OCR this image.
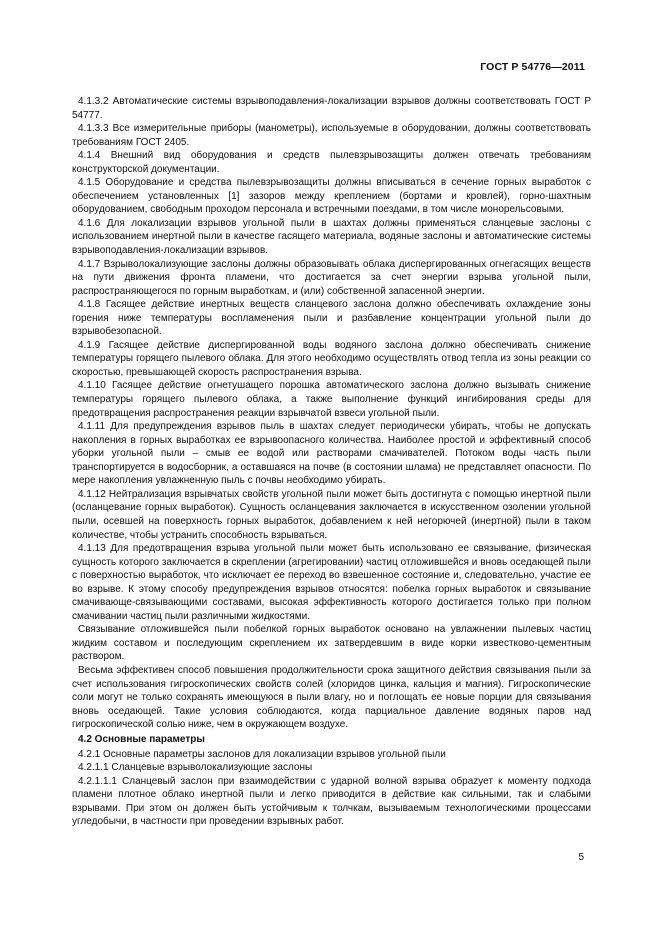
ГОСТ Р 54776—2011

4.1.3.2 Автоматические системы взрывоподавления-локализации взрывов должны соответствовать ГОСТ Р 54777.

4.1.3.3 Все измерительные приборы (манометры), используемые в оборудовании, должны соответствовать требованиям ГОСТ 2405.

4.1.4 Внешний вид оборудования и средств пылевзрывозащиты должен отвечать требованиям конструкторской документации.

4.1.5 Оборудование и средства пылевзрывозащиты должны вписываться в сечение горных выработок с обеспечением установленных [1] зазоров между креплением (бортами и кровлей), горно-шахтным оборудованием, свободным проходом персонала и встречными поездами, в том числе монорельсовыми.

4.1.6 Для локализации взрывов угольной пыли в шахтах должны применяться сланцевые заслоны с использованием инертной пыли в качестве гасящего материала, водяные заслоны и автоматические системы взрывоподавления-локализации взрывов.

4.1.7 Взрыволокализующие заслоны должны образовывать облака диспергированных огнегасящих веществ на пути движения фронта пламени, что достигается за счет энергии взрыва угольной пыли, распространяющегося по горным выработкам, и (или) собственной запасенной энергии.

4.1.8 Гасящее действие инертных веществ сланцевого заслона должно обеспечивать охлаждение зоны горения ниже температуры воспламенения пыли и разбавление концентрации угольной пыли до взрывобезопасной.

4.1.9 Гасящее действие диспергированной воды водяного заслона должно обеспечивать снижение температуры горящего пылевого облака. Для этого необходимо осуществлять отвод тепла из зоны реакции со скоростью, превышающей скорость распространения взрыва.

4.1.10 Гасящее действие огнетушащего порошка автоматического заслона должно вызывать снижение температуры горящего пылевого облака, а также выполнение функций ингибирования среды для предотвращения распространения реакции взрывчатой взвеси угольной пыли.

4.1.11 Для предупреждения взрывов пыль в шахтах следует периодически убирать, чтобы не допускать накопления в горных выработках ее взрывоопасного количества. Наиболее простой и эффективный способ уборки угольной пыли – смыв ее водой или растворами смачивателей. Потоком воды часть пыли транспортируется в водосборник, а оставшаяся на почве (в состоянии шлама) не представляет опасности. По мере накопления увлажненную пыль с почвы необходимо убирать.

4.1.12 Нейтрализация взрывчатых свойств угольной пыли может быть достигнута с помощью инертной пыли (осланцевание горных выработок). Сущность осланцевания заключается в искусственном озолении угольной пыли, осевшей на поверхность горных выработок, добавлением к ней негорючей (инертной) пыли в таком количестве, чтобы устранить способность взрываться.

4.1.13 Для предотвращения взрыва угольной пыли может быть использовано ее связывание, физическая сущность которого заключается в скреплении (агрегировании) частиц отложившейся и вновь оседающей пыли с поверхностью выработок, что исключает ее переход во взвешенное состояние и, следовательно, участие ее во взрыве. К этому способу предупреждения взрывов относятся: побелка горных выработок и связывание смачивающе-связывающими составами, высокая эффективность которого достигается только при полном смачивании частиц пыли различными жидкостями.

Связывание отложившейся пыли побелкой горных выработок основано на увлажнении пылевых частиц жидким составом и последующим скреплением их затвердевшим в виде корки известково-цементным раствором.

Весьма эффективен способ повышения продолжительности срока защитного действия связывания пыли за счет использования гигроскопических свойств солей (хлоридов цинка, кальция и магния). Гигроскопические соли могут не только сохранять имеющуюся в пыли влагу, но и поглощать ее новые порции для связывания вновь оседающей. Такие условия соблюдаются, когда парциальное давление водяных паров над гигроскопической солью ниже, чем в окружающем воздухе.

4.2 Основные параметры

4.2.1 Основные параметры заслонов для локализации взрывов угольной пыли

4.2.1.1 Сланцевые взрыволокализующие заслоны

4.2.1.1.1 Сланцевый заслон при взаимодействии с ударной волной взрыва обрazует к моменту подхода пламени плотное облако инертной пыли и легко приводится в действие как сильными, так и слабыми взрывами. При этом он должен быть устойчивым к толчкам, вызываемым технологическими процессами угледобычи, в частности при проведении взрывных работ.

5
